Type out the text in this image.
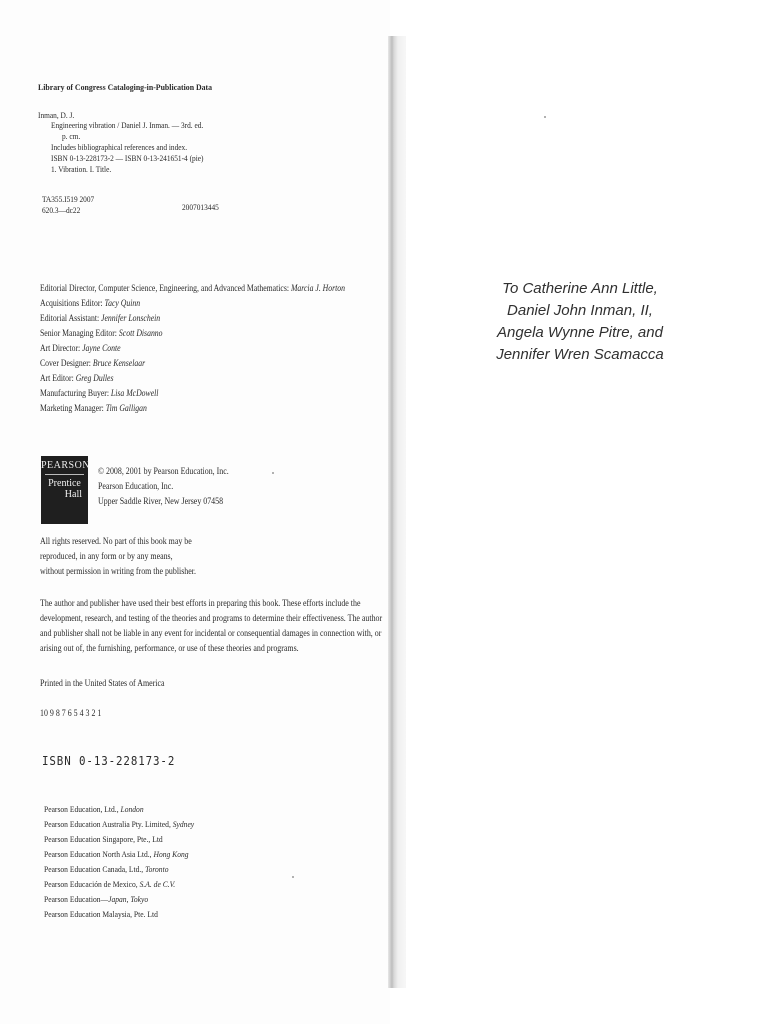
Library of Congress Cataloging-in-Publication Data
Inman, D. J.
Engineering vibration / Daniel J. Inman. — 3rd. ed.
p. cm.
Includes bibliographical references and index.
ISBN 0-13-228173-2 — ISBN 0-13-241651-4 (pie)
1. Vibration. I. Title.
TA355.I519 2007
620.3—dc22	2007013445
Editorial Director, Computer Science, Engineering, and Advanced Mathematics: Marcia J. Horton
Acquisitions Editor: Tacy Quinn
Editorial Assistant: Jennifer Lonschein
Senior Managing Editor: Scott Disanno
Art Director: Jayne Conte
Cover Designer: Bruce Kenselaar
Art Editor: Greg Dulles
Manufacturing Buyer: Lisa McDowell
Marketing Manager: Tim Galligan
PEARSON
Prentice
Hall
© 2008, 2001 by Pearson Education, Inc.
Pearson Education, Inc.
Upper Saddle River, New Jersey 07458
All rights reserved. No part of this book may be
reproduced, in any form or by any means,
without permission in writing from the publisher.
The author and publisher have used their best efforts in preparing this book. These efforts include the
development, research, and testing of the theories and programs to determine their effectiveness. The author
and publisher shall not be liable in any event for incidental or consequential damages in connection with, or
arising out of, the furnishing, performance, or use of these theories and programs.
Printed in the United States of America
10 9 8 7 6 5 4 3 2 1
ISBN 0-13-228173-2
Pearson Education, Ltd., London
Pearson Education Australia Pty. Limited, Sydney
Pearson Education Singapore, Pte., Ltd
Pearson Education North Asia Ltd., Hong Kong
Pearson Education Canada, Ltd., Toronto
Pearson Educación de Mexico, S.A. de C.V.
Pearson Education—Japan, Tokyo
Pearson Education Malaysia, Pte. Ltd
To Catherine Ann Little,
Daniel John Inman, II,
Angela Wynne Pitre, and
Jennifer Wren Scamacca
